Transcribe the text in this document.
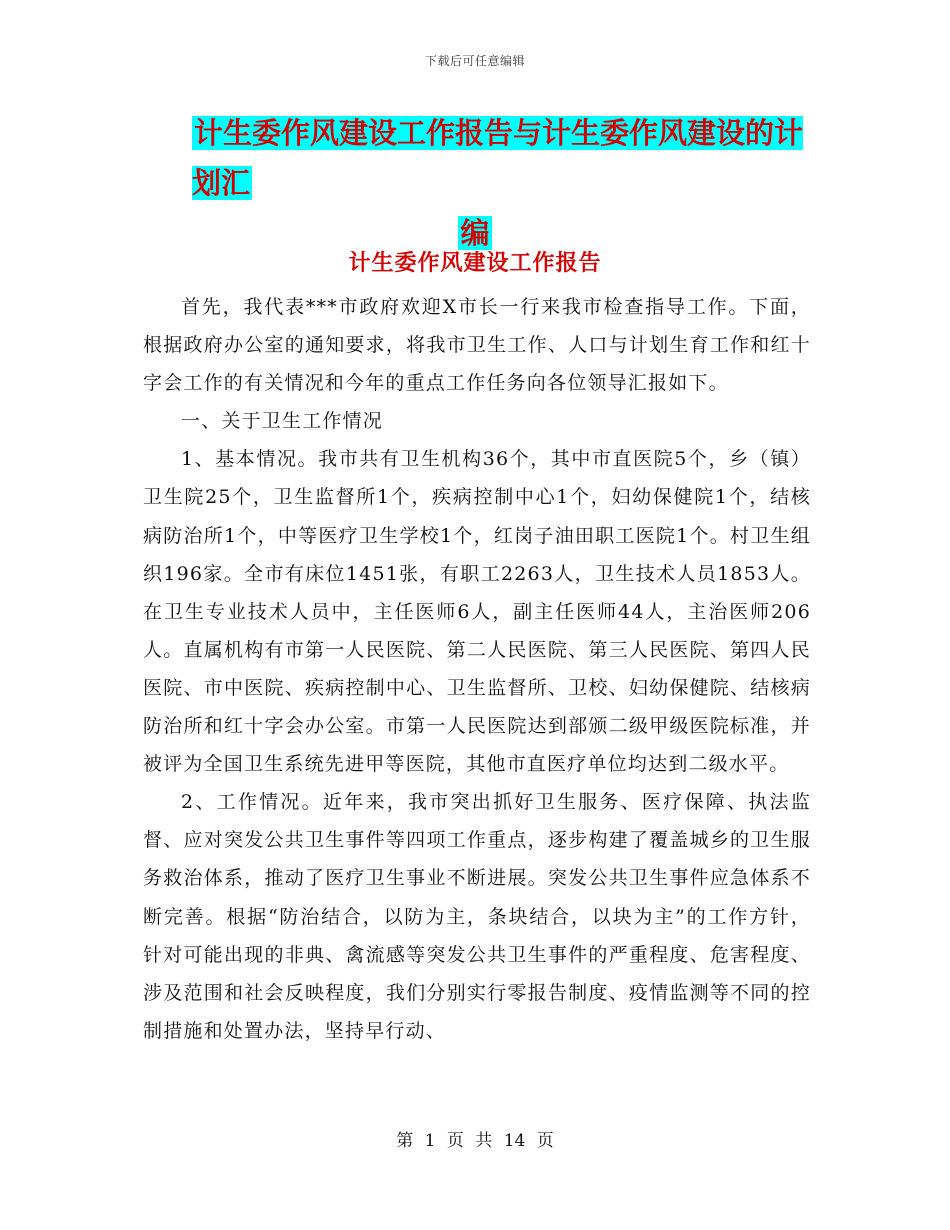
下载后可任意编辑
计生委作风建设工作报告与计生委作风建设的计划汇
编
计生委作风建设工作报告

首先，我代表***市政府欢迎X市长一行来我市检查指导工作。下面，根据政府办公室的通知要求，将我市卫生工作、人口与计划生育工作和红十字会工作的有关情况和今年的重点工作任务向各位领导汇报如下。

一、关于卫生工作情况

1、基本情况。我市共有卫生机构36个，其中市直医院5个，乡（镇）卫生院25个，卫生监督所1个，疾病控制中心1个，妇幼保健院1个，结核病防治所1个，中等医疗卫生学校1个，红岗子油田职工医院1个。村卫生组织196家。全市有床位1451张，有职工2263人，卫生技术人员1853人。在卫生专业技术人员中，主任医师6人，副主任医师44人，主治医师206人。直属机构有市第一人民医院、第二人民医院、第三人民医院、第四人民医院、市中医院、疾病控制中心、卫生监督所、卫校、妇幼保健院、结核病防治所和红十字会办公室。市第一人民医院达到部颁二级甲级医院标准，并被评为全国卫生系统先进甲等医院，其他市直医疗单位均达到二级水平。

2、工作情况。近年来，我市突出抓好卫生服务、医疗保障、执法监督、应对突发公共卫生事件等四项工作重点，逐步构建了覆盖城乡的卫生服务救治体系，推动了医疗卫生事业不断进展。突发公共卫生事件应急体系不断完善。根据“防治结合，以防为主，条块结合，以块为主”的工作方针，针对可能出现的非典、禽流感等突发公共卫生事件的严重程度、危害程度、涉及范围和社会反映程度，我们分别实行零报告制度、疫情监测等不同的控制措施和处置办法，坚持早行动、

第 1 页 共 14 页
